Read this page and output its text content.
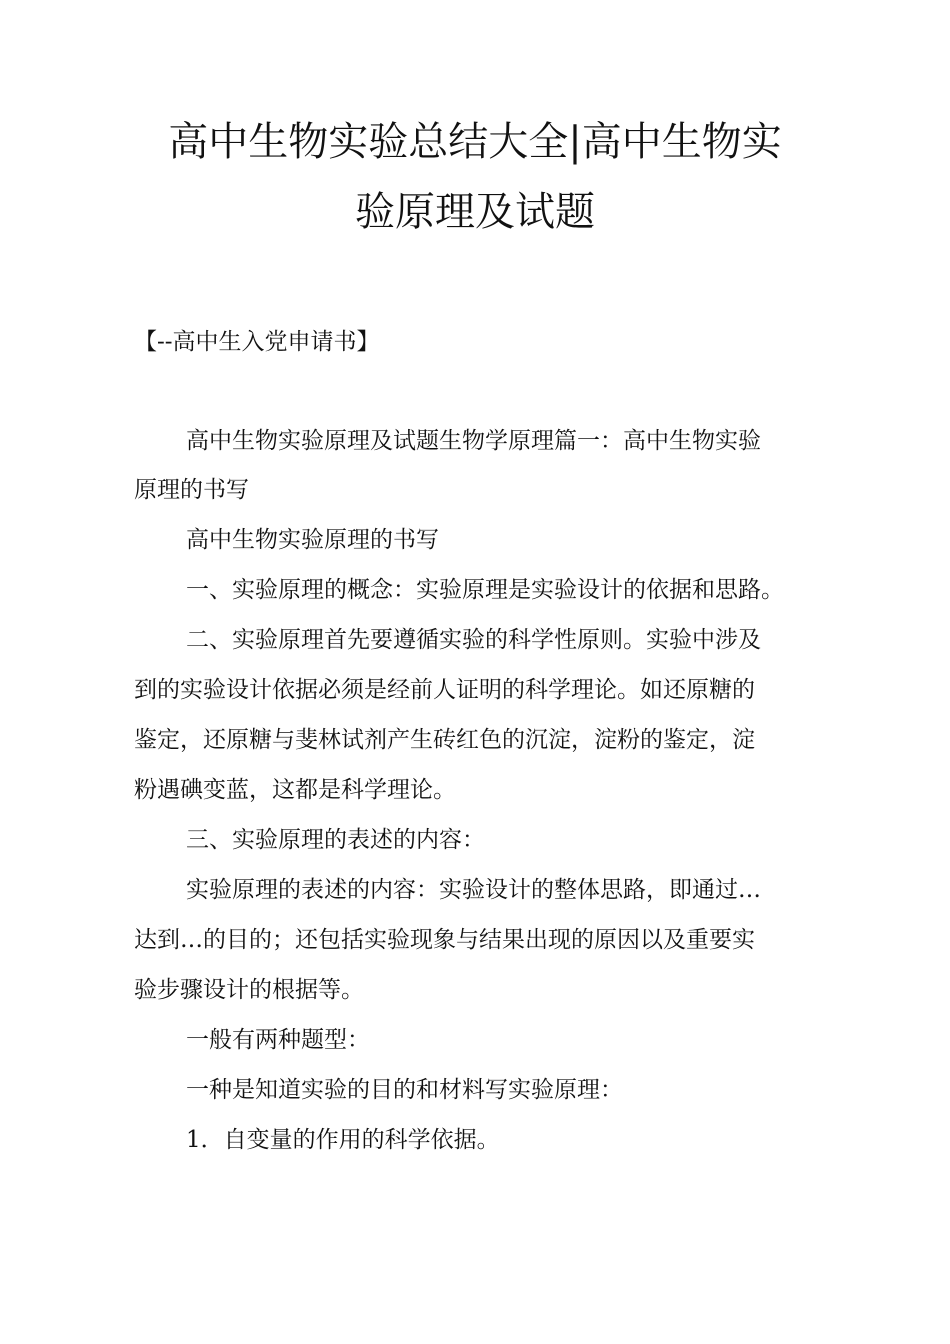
高中生物实验总结大全|高中生物实
验原理及试题
【--高中生入党申请书】
高中生物实验原理及试题生物学原理篇一：高中生物实验
原理的书写
高中生物实验原理的书写
一、实验原理的概念：实验原理是实验设计的依据和思路。
二、实验原理首先要遵循实验的科学性原则。实验中涉及
到的实验设计依据必须是经前人证明的科学理论。如还原糖的
鉴定，还原糖与斐林试剂产生砖红色的沉淀，淀粉的鉴定，淀
粉遇碘变蓝，这都是科学理论。
三、实验原理的表述的内容：
实验原理的表述的内容：实验设计的整体思路，即通过…
达到…的目的；还包括实验现象与结果出现的原因以及重要实
验步骤设计的根据等。
一般有两种题型：
一种是知道实验的目的和材料写实验原理：
1．自变量的作用的科学依据。
